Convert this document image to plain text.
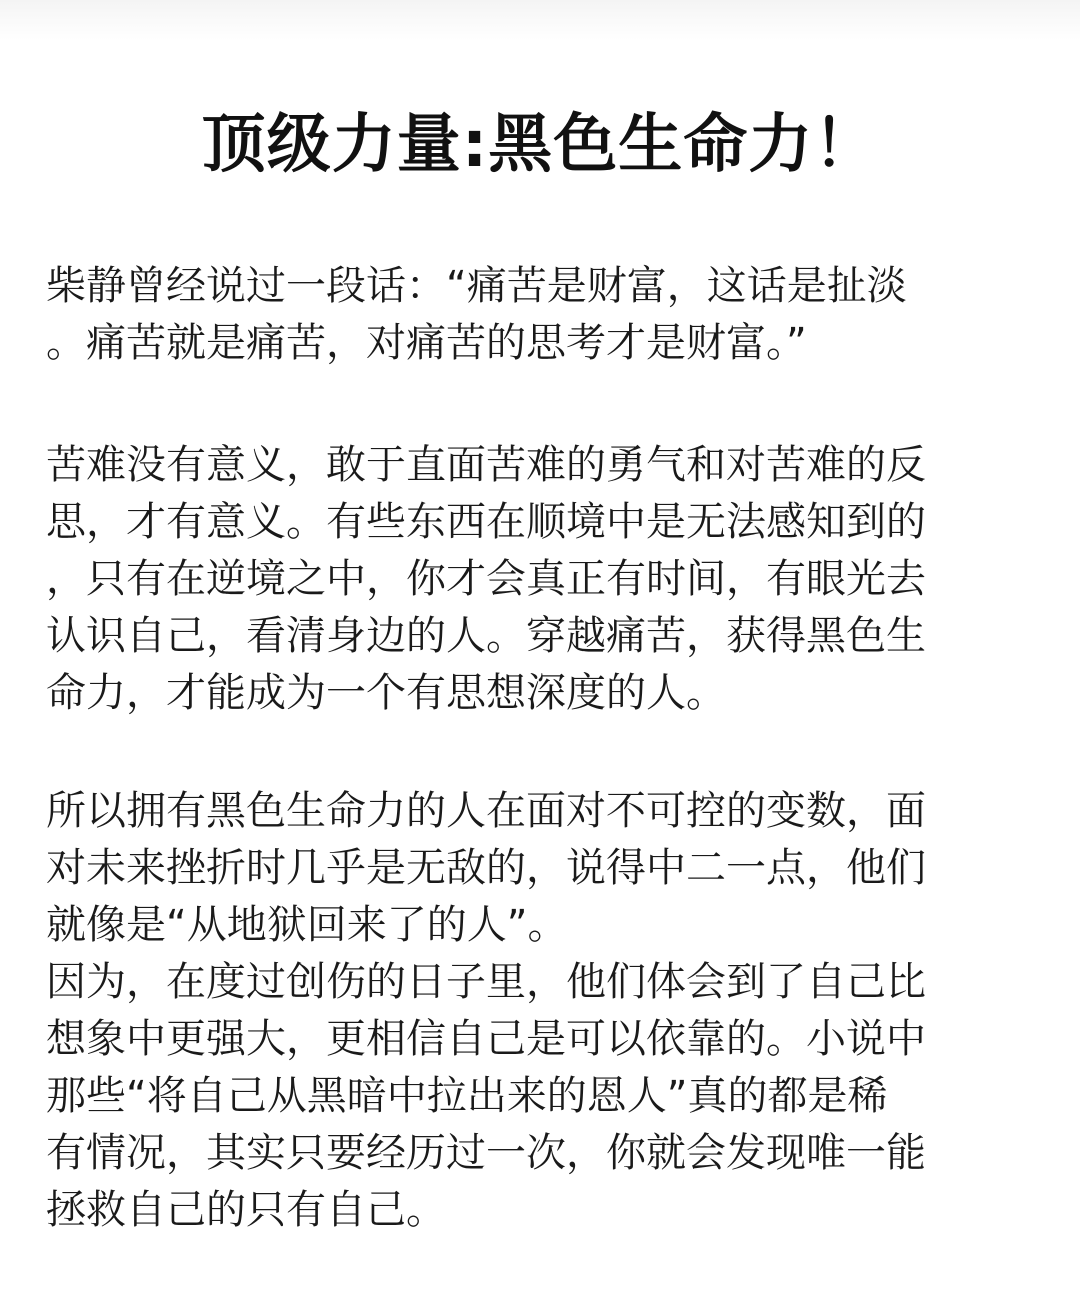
顶级力量:黑色生命力！

柴静曾经说过一段话：“痛苦是财富，这话是扯淡
。痛苦就是痛苦，对痛苦的思考才是财富。”

苦难没有意义，敢于直面苦难的勇气和对苦难的反
思，才有意义。有些东西在顺境中是无法感知到的
，只有在逆境之中，你才会真正有时间，有眼光去
认识自己，看清身边的人。穿越痛苦，获得黑色生
命力，才能成为一个有思想深度的人。

所以拥有黑色生命力的人在面对不可控的变数，面
对未来挫折时几乎是无敌的，说得中二一点，他们
就像是“从地狱回来了的人”。
因为，在度过创伤的日子里，他们体会到了自己比
想象中更强大，更相信自己是可以依靠的。小说中
那些“将自己从黑暗中拉出来的恩人”真的都是稀
有情况，其实只要经历过一次，你就会发现唯一能
拯救自己的只有自己。
